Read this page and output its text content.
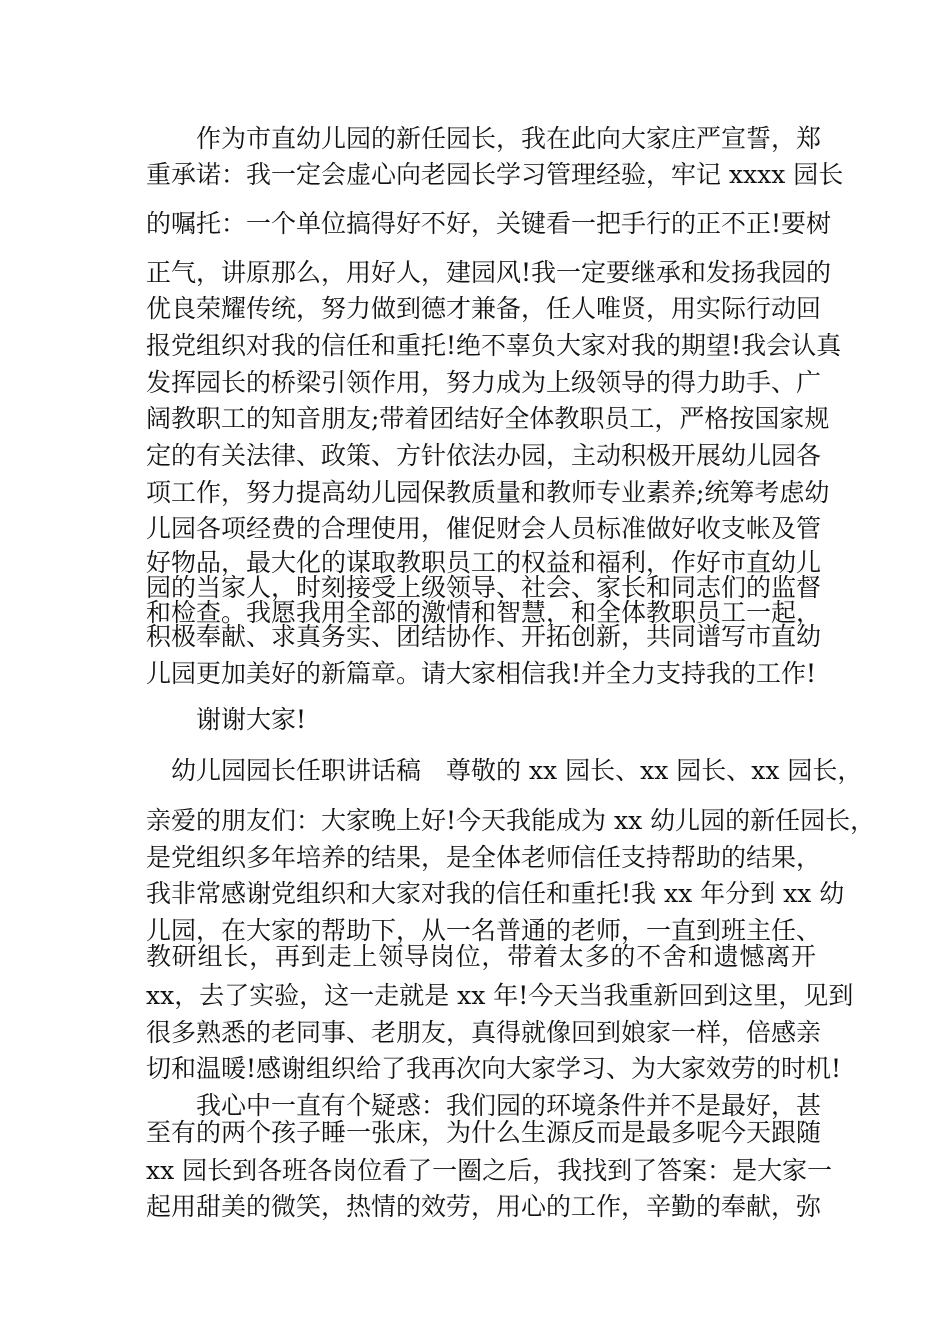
　　作为市直幼儿园的新任园长，我在此向大家庄严宣誓，郑
重承诺：我一定会虚心向老园长学习管理经验，牢记 xxxx 园长
的嘱托：一个单位搞得好不好，关键看一把手行的正不正!要树
正气，讲原那么，用好人，建园风!我一定要继承和发扬我园的
优良荣耀传统，努力做到德才兼备，任人唯贤，用实际行动回
报党组织对我的信任和重托!绝不辜负大家对我的期望!我会认真
发挥园长的桥梁引领作用，努力成为上级领导的得力助手、广
阔教职工的知音朋友;带着团结好全体教职员工，严格按国家规
定的有关法律、政策、方针依法办园，主动积极开展幼儿园各
项工作，努力提高幼儿园保教质量和教师专业素养;统筹考虑幼
儿园各项经费的合理使用，催促财会人员标准做好收支帐及管
好物品，最大化的谋取教职员工的权益和福利，作好市直幼儿
园的当家人，时刻接受上级领导、社会、家长和同志们的监督
和检查。我愿我用全部的激情和智慧，和全体教职员工一起，
积极奉献、求真务实、团结协作、开拓创新，共同谱写市直幼
儿园更加美好的新篇章。请大家相信我!并全力支持我的工作!
　　谢谢大家!
　幼儿园园长任职讲话稿　尊敬的 xx 园长、xx 园长、xx 园长，
亲爱的朋友们：大家晚上好!今天我能成为 xx 幼儿园的新任园长，
是党组织多年培养的结果，是全体老师信任支持帮助的结果，
我非常感谢党组织和大家对我的信任和重托!我 xx 年分到 xx 幼
儿园，在大家的帮助下，从一名普通的老师，一直到班主任、
教研组长，再到走上领导岗位，带着太多的不舍和遗憾离开
xx，去了实验，这一走就是 xx 年!今天当我重新回到这里，见到
很多熟悉的老同事、老朋友，真得就像回到娘家一样，倍感亲
切和温暖!感谢组织给了我再次向大家学习、为大家效劳的时机!
　　我心中一直有个疑惑：我们园的环境条件并不是最好，甚
至有的两个孩子睡一张床，为什么生源反而是最多呢今天跟随
xx 园长到各班各岗位看了一圈之后，我找到了答案：是大家一
起用甜美的微笑，热情的效劳，用心的工作，辛勤的奉献，弥
